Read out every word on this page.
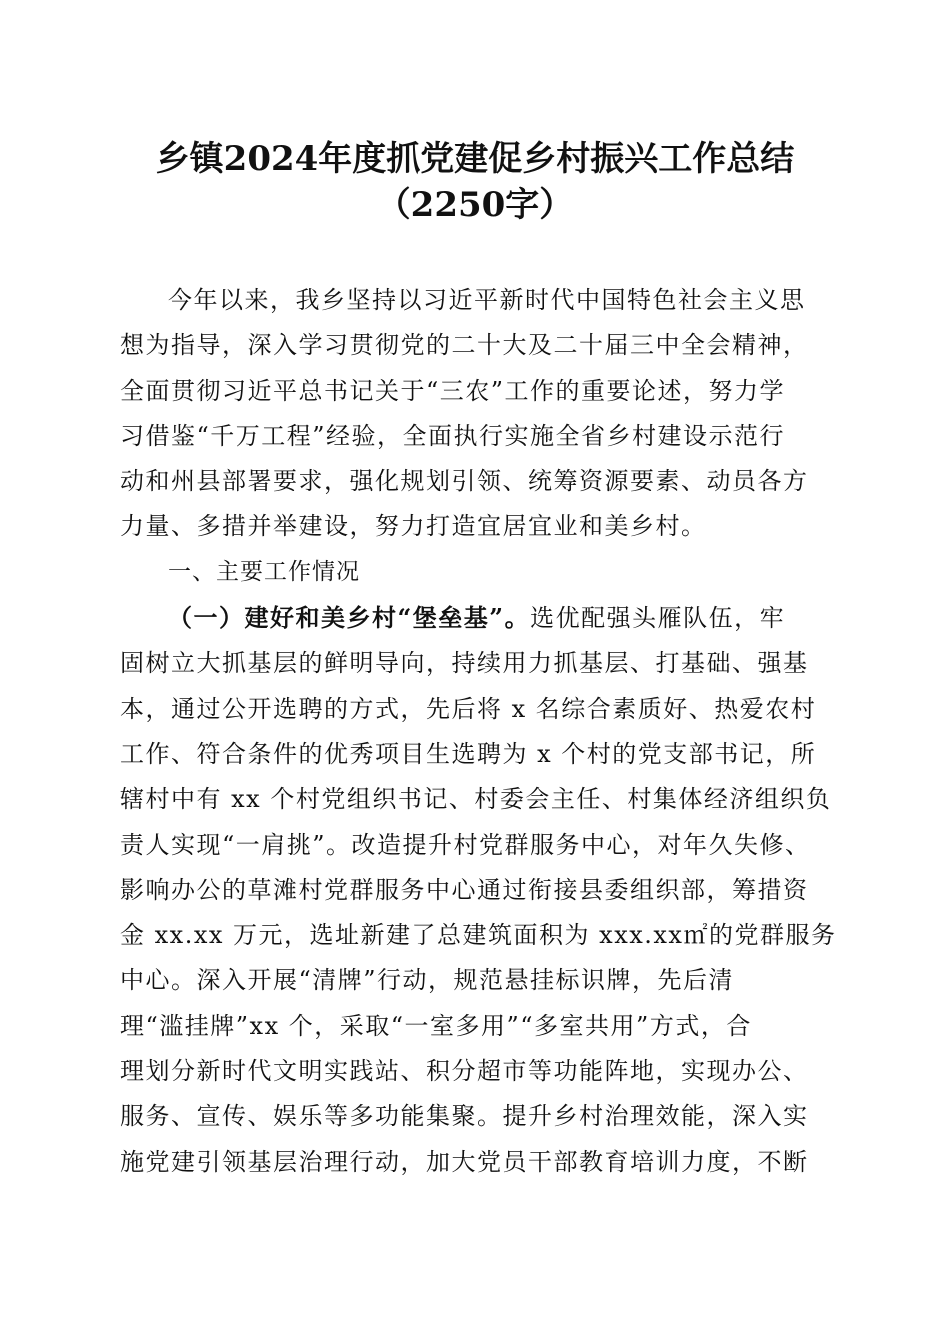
乡镇2024年度抓党建促乡村振兴工作总结
（2250字）
今年以来，我乡坚持以习近平新时代中国特色社会主义思
想为指导，深入学习贯彻党的二十大及二十届三中全会精神，
全面贯彻习近平总书记关于“三农”工作的重要论述，努力学
习借鉴“千万工程”经验，全面执行实施全省乡村建设示范行
动和州县部署要求，强化规划引领、统筹资源要素、动员各方
力量、多措并举建设，努力打造宜居宜业和美乡村。
一、主要工作情况
（一）建好和美乡村“堡垒基”。选优配强头雁队伍，牢
固树立大抓基层的鲜明导向，持续用力抓基层、打基础、强基
本，通过公开选聘的方式，先后将 x 名综合素质好、热爱农村
工作、符合条件的优秀项目生选聘为 x 个村的党支部书记，所
辖村中有 xx 个村党组织书记、村委会主任、村集体经济组织负
责人实现“一肩挑”。改造提升村党群服务中心，对年久失修、
影响办公的草滩村党群服务中心通过衔接县委组织部，筹措资
金 xx.xx 万元，选址新建了总建筑面积为 xxx.xx㎡的党群服务
中心。深入开展“清牌”行动，规范悬挂标识牌，先后清
理“滥挂牌”xx 个，采取“一室多用”“多室共用”方式，合
理划分新时代文明实践站、积分超市等功能阵地，实现办公、
服务、宣传、娱乐等多功能集聚。提升乡村治理效能，深入实
施党建引领基层治理行动，加大党员干部教育培训力度，不断
